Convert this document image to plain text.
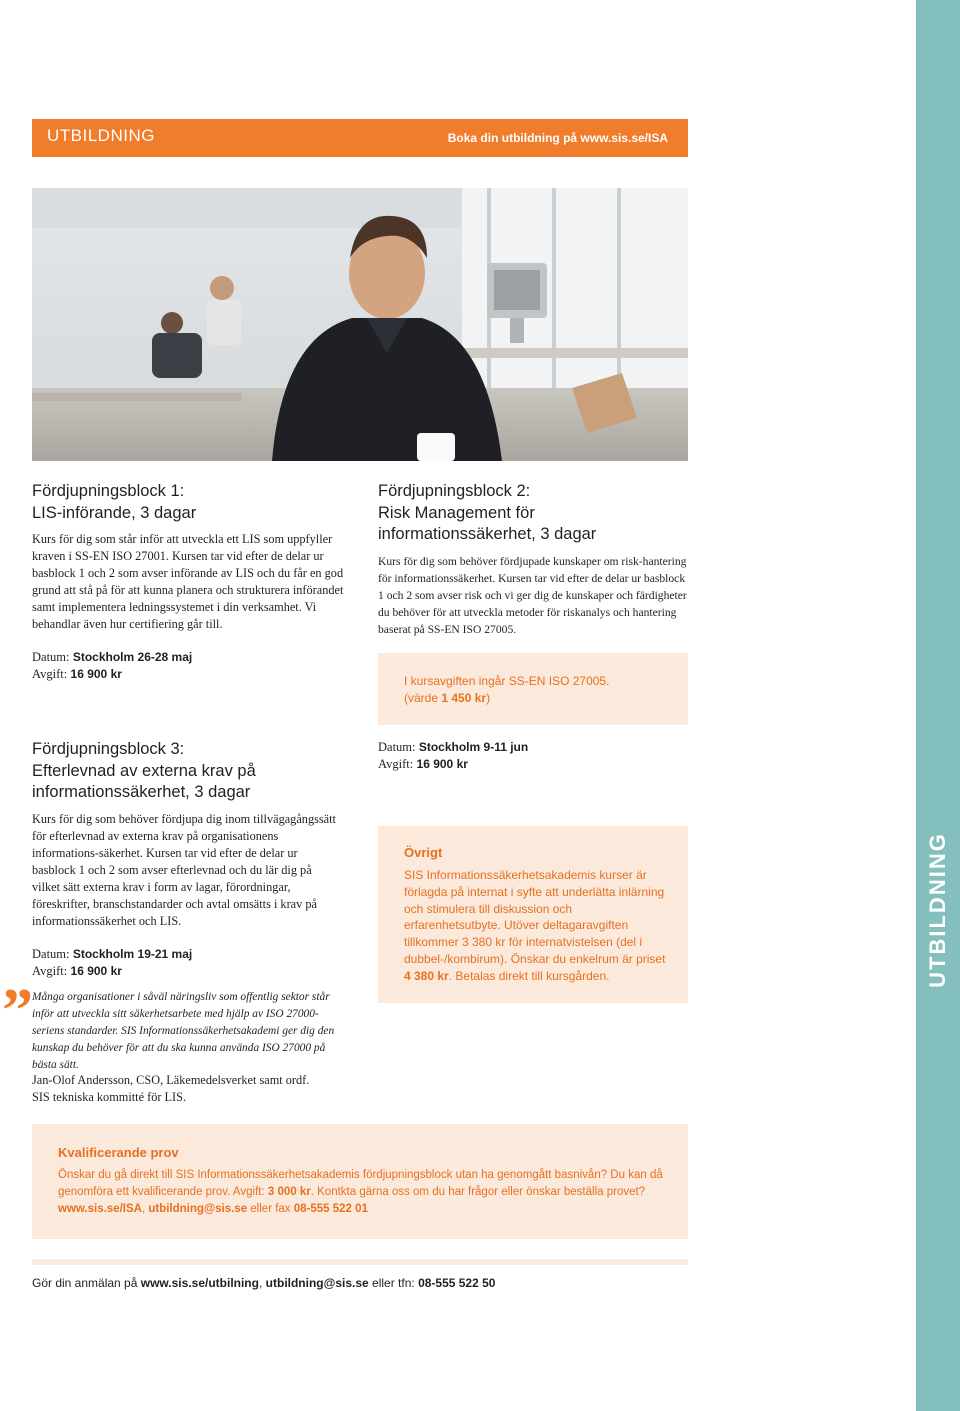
UTBILDNING
UTBILDNING	Boka din utbildning på www.sis.se/ISA
Fördjupningsblock 1:
LIS-införande, 3 dagar

Kurs för dig som står inför att utveckla ett LIS som uppfyller kraven i SS-EN ISO 27001. Kursen tar vid efter de delar ur basblock 1 och 2 som avser införande av LIS och du får en god grund att stå på för att kunna planera och strukturera införandet samt implementera ledningssystemet i din verksamhet. Vi behandlar även hur certifiering går till.

Datum: Stockholm 26-28 maj
Avgift: 16 900 kr
Fördjupningsblock 2:
Risk Management för
informationssäkerhet, 3 dagar

Kurs för dig som behöver fördjupade kunskaper om risk-hantering för informationssäkerhet. Kursen tar vid efter de delar ur basblock 1 och 2 som avser risk och vi ger dig de kunskaper och färdigheter du behöver för att utveckla metoder för riskanalys och hantering baserat på SS-EN ISO 27005.

I kursavgiften ingår SS-EN ISO 27005.
(värde 1 450 kr)
Datum: Stockholm 9-11 jun
Avgift: 16 900 kr
Fördjupningsblock 3:
Efterlevnad av externa krav på
informationssäkerhet, 3 dagar

Kurs för dig som behöver fördjupa dig inom tillvägagångssätt för efterlevnad av externa krav på organisationens informations-säkerhet. Kursen tar vid efter de delar ur basblock 1 och 2 som avser efterlevnad och du lär dig på vilket sätt externa krav i form av lagar, förordningar, föreskrifter, branschstandarder och avtal omsätts i krav på informationssäkerhet och LIS.

Datum: Stockholm 19-21 maj
Avgift: 16 900 kr
” Många organisationer i såväl näringsliv som offentlig sektor står inför att utveckla sitt säkerhetsarbete med hjälp av ISO 27000-seriens standarder. SIS Informationssäkerhetsakademi ger dig den kunskap du behöver för att du ska kunna använda ISO 27000 på bästa sätt.
Jan-Olof Andersson, CSO, Läkemedelsverket samt ordf.
SIS tekniska kommitté för LIS.
Övrigt
SIS Informationssäkerhetsakademis kurser är förlagda på internat i syfte att underlätta inlärning och stimulera till diskussion och erfarenhetsutbyte. Utöver deltagaravgiften tillkommer 3 380 kr för internatvistelsen (del i dubbel-/kombirum). Önskar du enkelrum är priset 4 380 kr. Betalas direkt till kursgården.
Kvalificerande prov
Önskar du gå direkt till SIS Informationssäkerhetsakademis fördjupningsblock utan ha genomgått basnivån? Du kan då genomföra ett kvalificerande prov. Avgift: 3 000 kr. Kontkta gärna oss om du har frågor eller önskar beställa provet?
www.sis.se/ISA, utbildning@sis.se eller fax 08-555 522 01
Gör din anmälan på www.sis.se/utbilning, utbildning@sis.se eller tfn: 08-555 522 50
